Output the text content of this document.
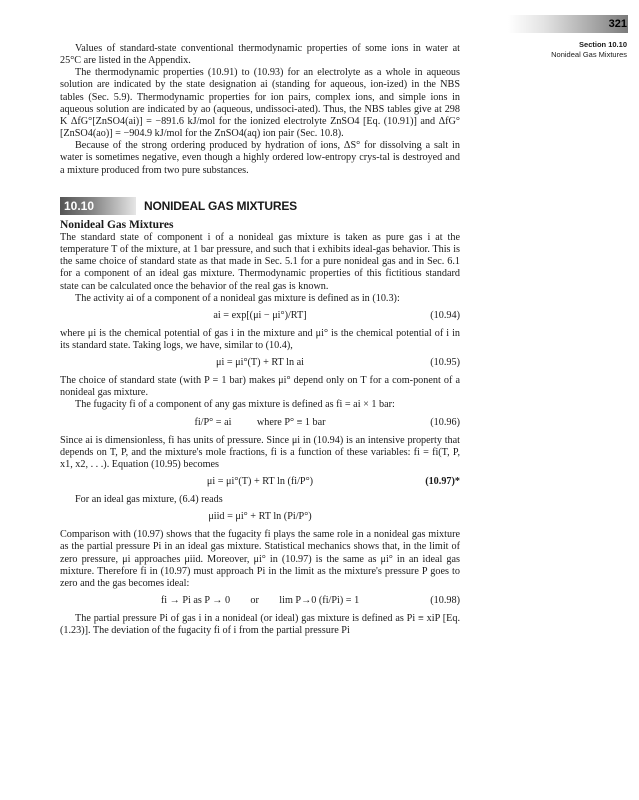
321
Section 10.10
Nonideal Gas Mixtures

Values of standard-state conventional thermodynamic properties of some ions in water at 25°C are listed in the Appendix.

The thermodynamic properties (10.91) to (10.93) for an electrolyte as a whole in aqueous solution are indicated by the state designation ai (standing for aqueous, ion-ized) in the NBS tables (Sec. 5.9). Thermodynamic properties for ion pairs, complex ions, and simple ions in aqueous solution are indicated by ao (aqueous, undissoci-ated). Thus, the NBS tables give at 298 K ΔfG°[ZnSO4(ai)] = −891.6 kJ/mol for the ionized electrolyte ZnSO4 [Eq. (10.91)] and ΔfG°[ZnSO4(ao)] = −904.9 kJ/mol for the ZnSO4(aq) ion pair (Sec. 10.8).

Because of the strong ordering produced by hydration of ions, ΔS° for dissolving a salt in water is sometimes negative, even though a highly ordered low-entropy crys-tal is destroyed and a mixture produced from two pure substances.

10.10	NONIDEAL GAS MIXTURES
Nonideal Gas Mixtures

The standard state of component i of a nonideal gas mixture is taken as pure gas i at the temperature T of the mixture, at 1 bar pressure, and such that i exhibits ideal-gas behavior. This is the same choice of standard state as that made in Sec. 5.1 for a pure nonideal gas and in Sec. 6.1 for a component of an ideal gas mixture. Thermodynamic properties of this fictitious standard state can be calculated once the behavior of the real gas is known.

The activity ai of a component of a nonideal gas mixture is defined as in (10.3):

ai = exp[(μi − μi°)/RT]	(10.94)

where μi is the chemical potential of gas i in the mixture and μi° is the chemical potential of i in its standard state. Taking logs, we have, similar to (10.4),

μi = μi°(T) + RT ln ai	(10.95)

The choice of standard state (with P = 1 bar) makes μi° depend only on T for a com-ponent of a nonideal gas mixture.

The fugacity fi of a component of any gas mixture is defined as fi = ai × 1 bar:

fi/P° = ai          where P° ≡ 1 bar	(10.96)

Since ai is dimensionless, fi has units of pressure. Since μi in (10.94) is an intensive property that depends on T, P, and the mixture's mole fractions, fi is a function of these variables: fi = fi(T, P, x1, x2, . . .). Equation (10.95) becomes

μi = μi°(T) + RT ln (fi/P°)	(10.97)*

For an ideal gas mixture, (6.4) reads

μiid = μi° + RT ln (Pi/P°)

Comparison with (10.97) shows that the fugacity fi plays the same role in a nonideal gas mixture as the partial pressure Pi in an ideal gas mixture. Statistical mechanics shows that, in the limit of zero pressure, μi approaches μiid. Moreover, μi° in (10.97) is the same as μi° in an ideal gas mixture. Therefore fi in (10.97) must approach Pi in the limit as the mixture's pressure P goes to zero and the gas becomes ideal:

fi → Pi as P → 0        or        lim P→0 (fi/Pi) = 1	(10.98)

The partial pressure Pi of gas i in a nonideal (or ideal) gas mixture is defined as Pi ≡ xiP [Eq. (1.23)]. The deviation of the fugacity fi of i from the partial pressure Pi
